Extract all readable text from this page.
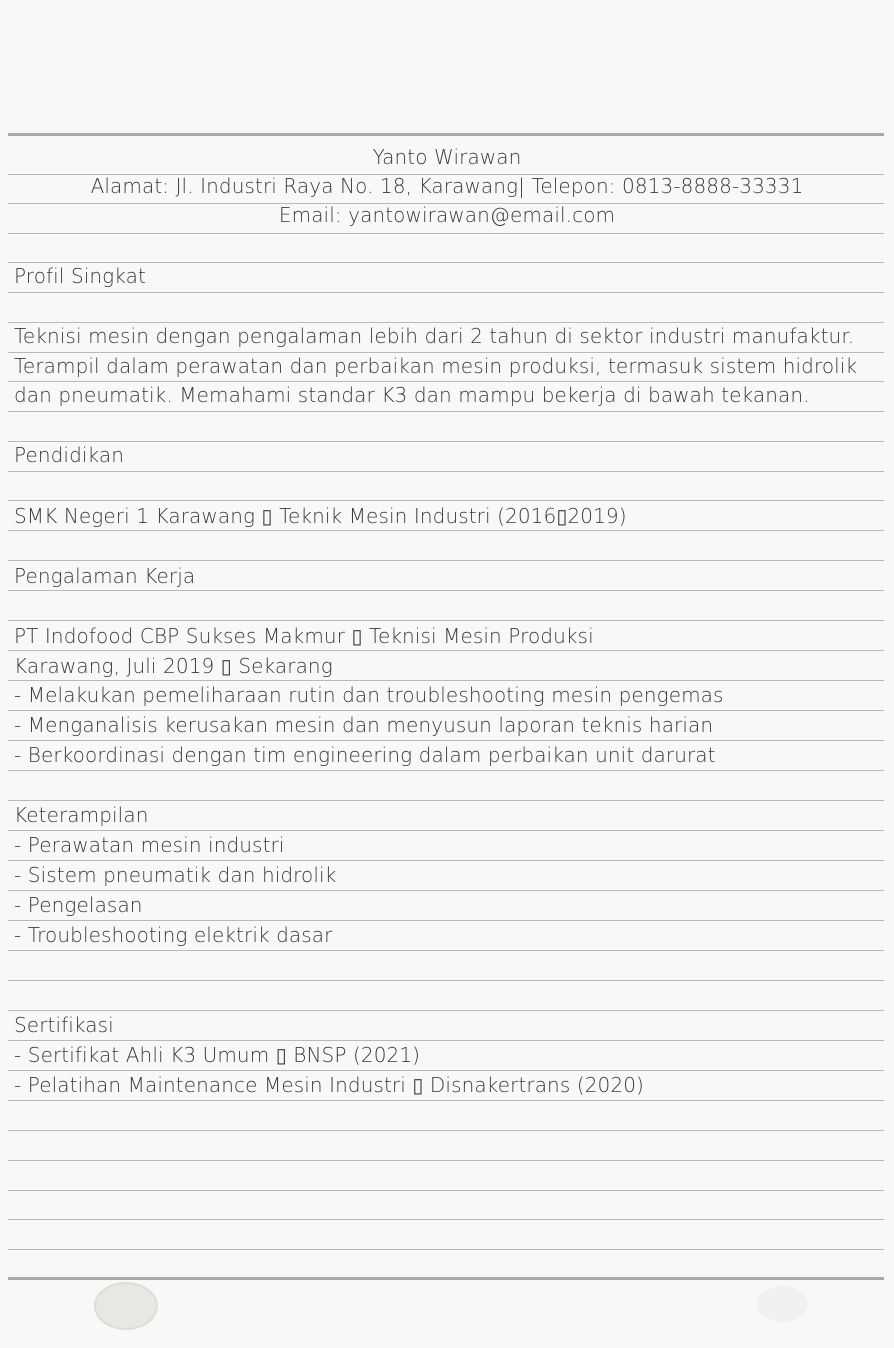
Yanto Wirawan
Alamat: Jl. Industri Raya No. 18, Karawang| Telepon: 0813-8888-33331
Email: yantowirawan@email.com
Profil Singkat
Teknisi mesin dengan pengalaman lebih dari 2 tahun di sektor industri manufaktur.
Terampil dalam perawatan dan perbaikan mesin produksi, termasuk sistem hidrolik
dan pneumatik. Memahami standar K3 dan mampu bekerja di bawah tekanan.
Pendidikan
SMK Negeri 1 Karawang ▯ Teknik Mesin Industri (2016▯2019)
Pengalaman Kerja
PT Indofood CBP Sukses Makmur ▯ Teknisi Mesin Produksi
Karawang, Juli 2019 ▯ Sekarang
- Melakukan pemeliharaan rutin dan troubleshooting mesin pengemas
- Menganalisis kerusakan mesin dan menyusun laporan teknis harian
- Berkoordinasi dengan tim engineering dalam perbaikan unit darurat
Keterampilan
- Perawatan mesin industri
- Sistem pneumatik dan hidrolik
- Pengelasan
- Troubleshooting elektrik dasar
Sertifikasi
- Sertifikat Ahli K3 Umum ▯ BNSP (2021)
- Pelatihan Maintenance Mesin Industri ▯ Disnakertrans (2020)
